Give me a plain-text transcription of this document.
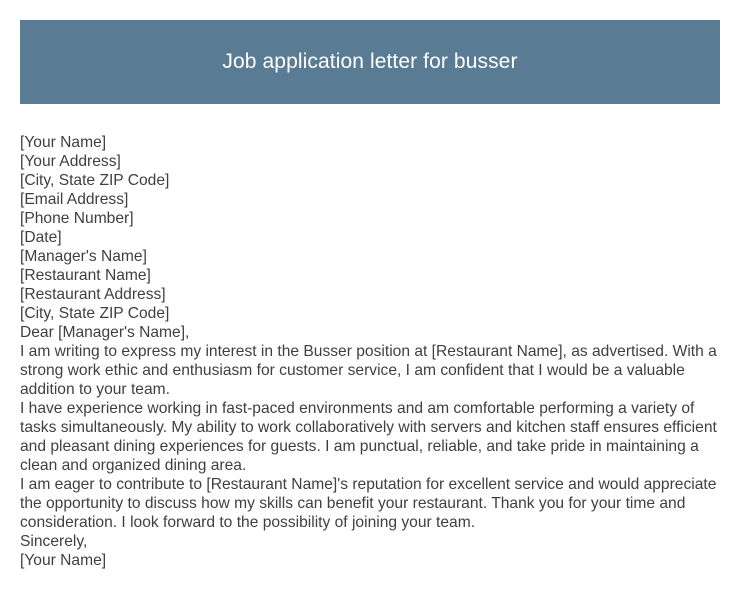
Job application letter for busser
[Your Name]
[Your Address]
[City, State ZIP Code]
[Email Address]
[Phone Number]
[Date]
[Manager's Name]
[Restaurant Name]
[Restaurant Address]
[City, State ZIP Code]
Dear [Manager's Name],
I am writing to express my interest in the Busser position at [Restaurant Name], as advertised. With a strong work ethic and enthusiasm for customer service, I am confident that I would be a valuable addition to your team.
I have experience working in fast-paced environments and am comfortable performing a variety of tasks simultaneously. My ability to work collaboratively with servers and kitchen staff ensures efficient and pleasant dining experiences for guests. I am punctual, reliable, and take pride in maintaining a clean and organized dining area.
I am eager to contribute to [Restaurant Name]'s reputation for excellent service and would appreciate the opportunity to discuss how my skills can benefit your restaurant. Thank you for your time and consideration. I look forward to the possibility of joining your team.
Sincerely,
[Your Name]
